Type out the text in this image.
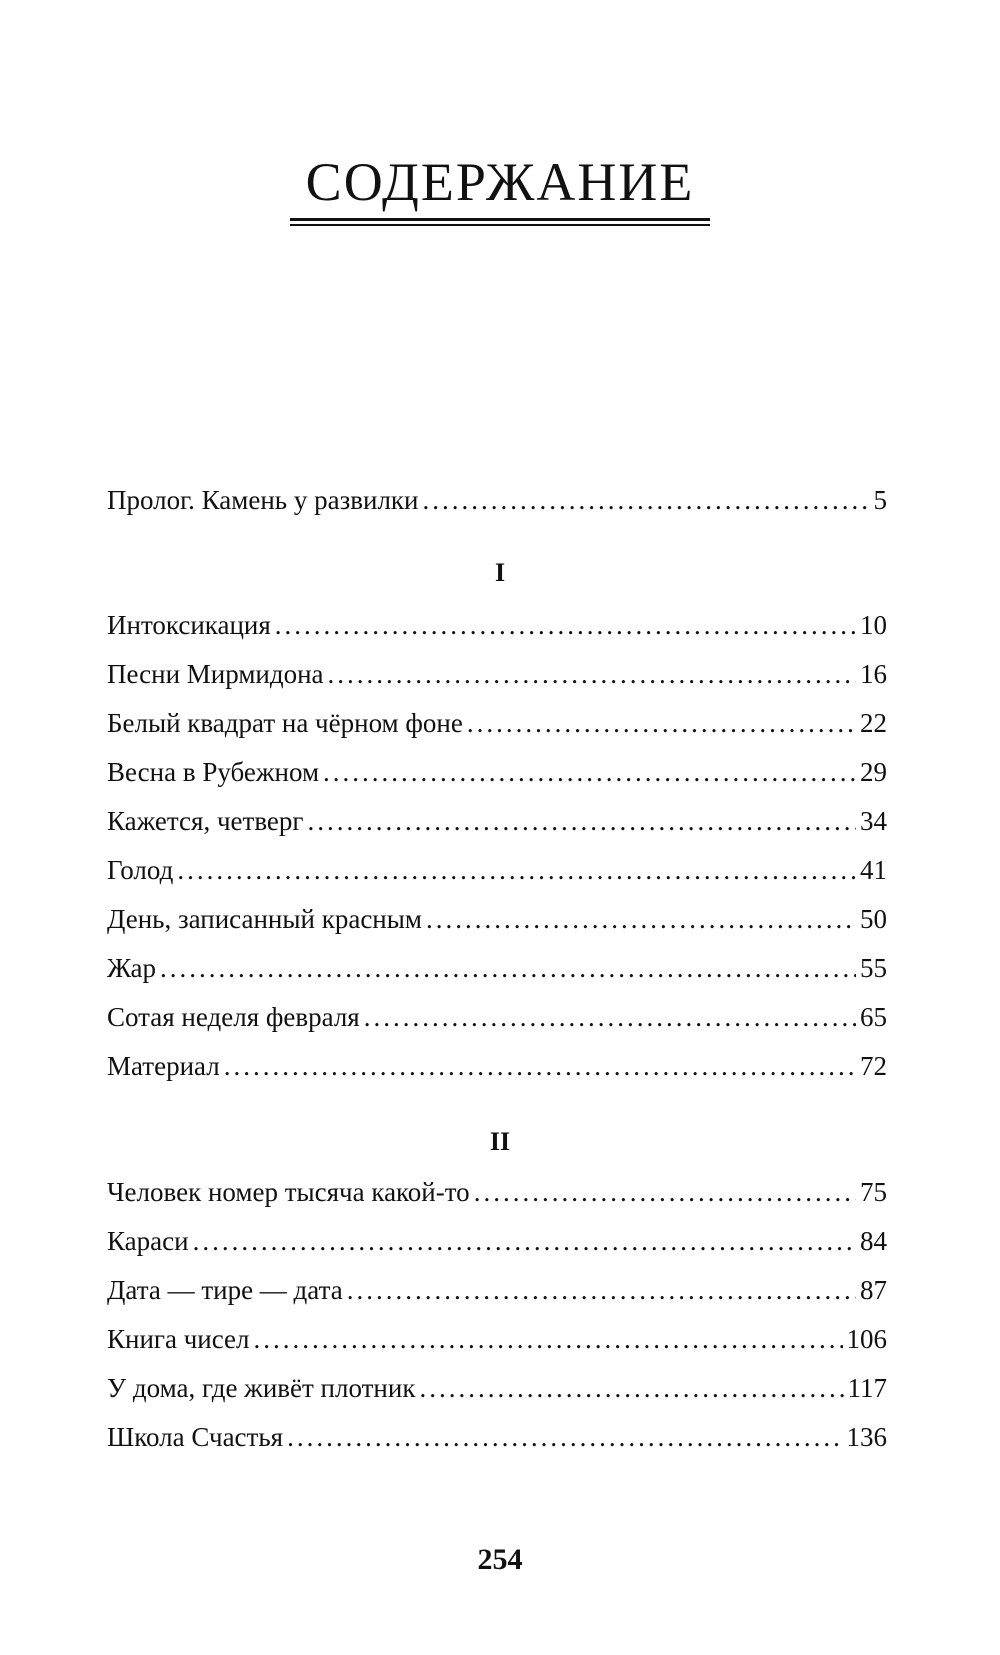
СОДЕРЖАНИЕ
Пролог. Камень у развилки .....	5
I
Интоксикация .....	10
Песни Мирмидона .....	16
Белый квадрат на чёрном фоне .....	22
Весна в Рубежном .....	29
Кажется, четверг .....	34
Голод .....	41
День, записанный красным .....	50
Жар .....	55
Сотая неделя февраля .....	65
Материал .....	72
II
Человек номер тысяча какой-то .....	75
Караси .....	84
Дата — тире — дата .....	87
Книга чисел .....	106
У дома, где живёт плотник .....	117
Школа Счастья .....	136
254
